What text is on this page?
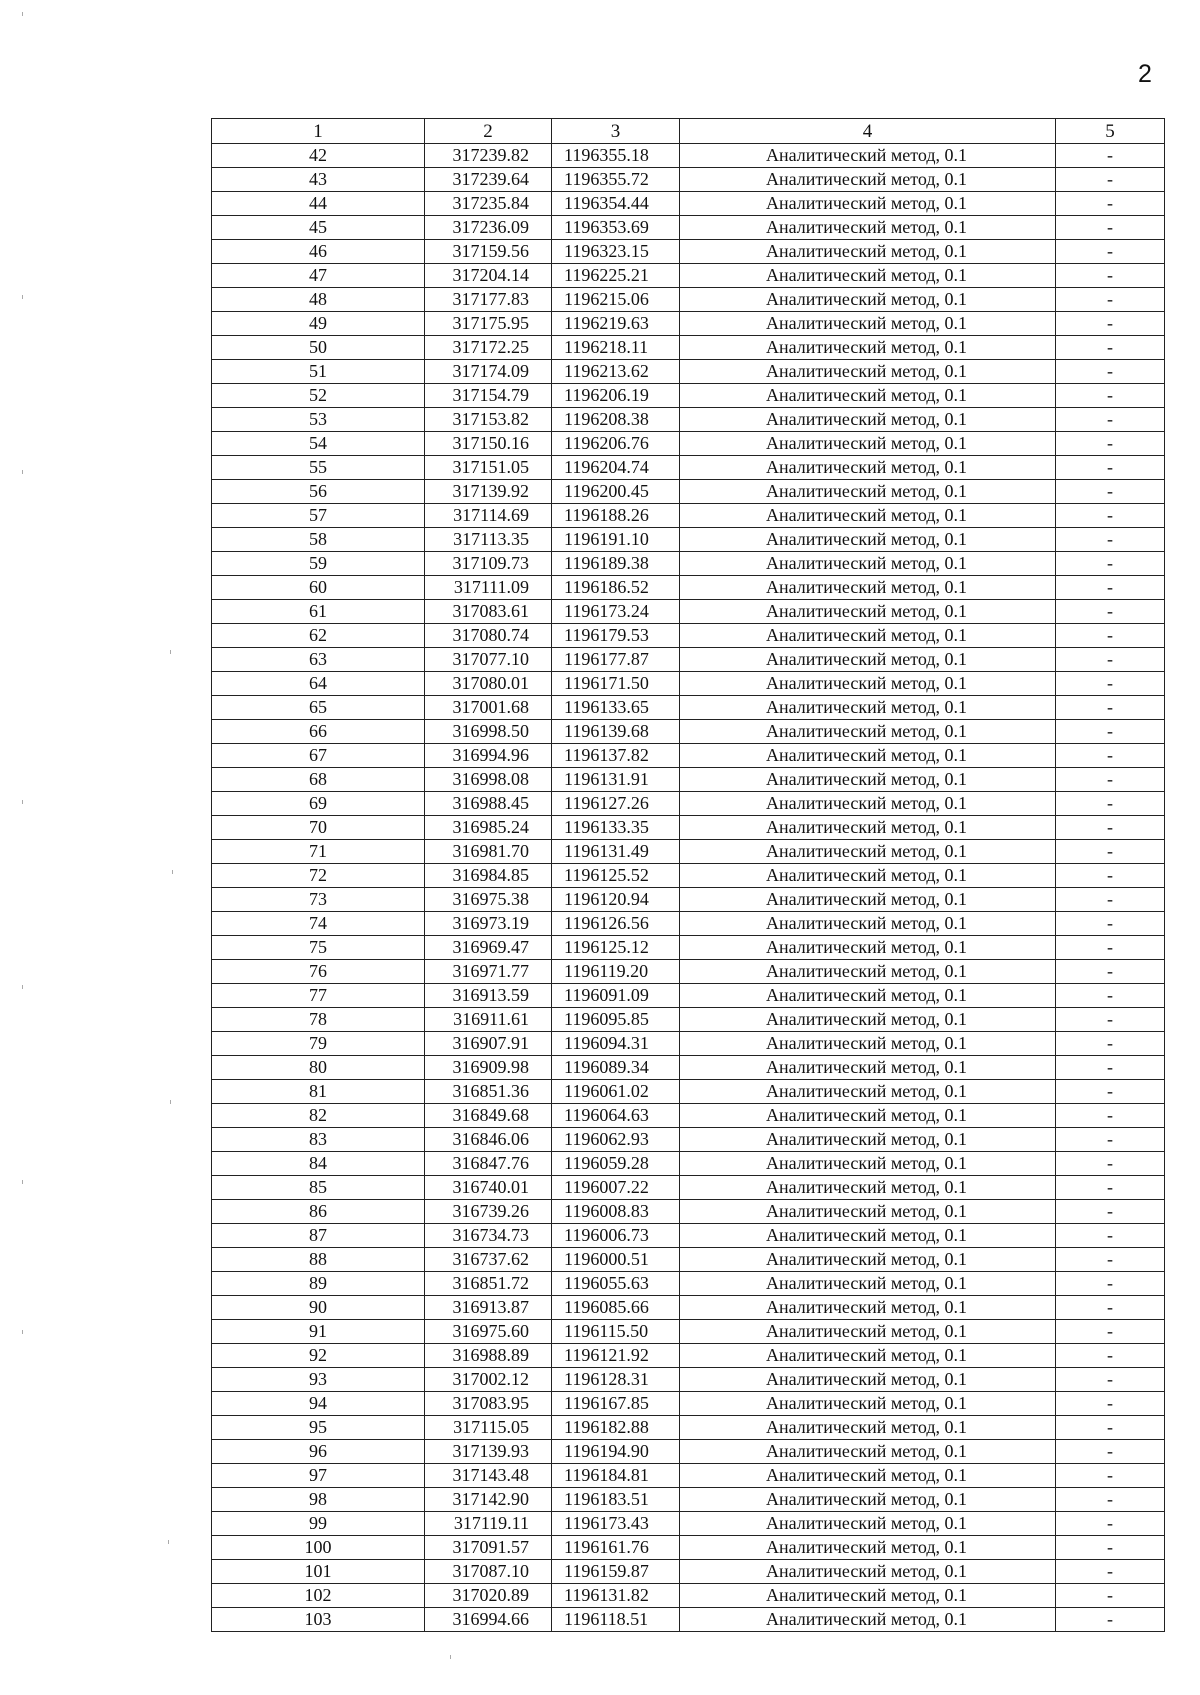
2
1	2	3	4	5
42	317239.82	1196355.18	Аналитический метод, 0.1	-
43	317239.64	1196355.72	Аналитический метод, 0.1	-
44	317235.84	1196354.44	Аналитический метод, 0.1	-
45	317236.09	1196353.69	Аналитический метод, 0.1	-
46	317159.56	1196323.15	Аналитический метод, 0.1	-
47	317204.14	1196225.21	Аналитический метод, 0.1	-
48	317177.83	1196215.06	Аналитический метод, 0.1	-
49	317175.95	1196219.63	Аналитический метод, 0.1	-
50	317172.25	1196218.11	Аналитический метод, 0.1	-
51	317174.09	1196213.62	Аналитический метод, 0.1	-
52	317154.79	1196206.19	Аналитический метод, 0.1	-
53	317153.82	1196208.38	Аналитический метод, 0.1	-
54	317150.16	1196206.76	Аналитический метод, 0.1	-
55	317151.05	1196204.74	Аналитический метод, 0.1	-
56	317139.92	1196200.45	Аналитический метод, 0.1	-
57	317114.69	1196188.26	Аналитический метод, 0.1	-
58	317113.35	1196191.10	Аналитический метод, 0.1	-
59	317109.73	1196189.38	Аналитический метод, 0.1	-
60	317111.09	1196186.52	Аналитический метод, 0.1	-
61	317083.61	1196173.24	Аналитический метод, 0.1	-
62	317080.74	1196179.53	Аналитический метод, 0.1	-
63	317077.10	1196177.87	Аналитический метод, 0.1	-
64	317080.01	1196171.50	Аналитический метод, 0.1	-
65	317001.68	1196133.65	Аналитический метод, 0.1	-
66	316998.50	1196139.68	Аналитический метод, 0.1	-
67	316994.96	1196137.82	Аналитический метод, 0.1	-
68	316998.08	1196131.91	Аналитический метод, 0.1	-
69	316988.45	1196127.26	Аналитический метод, 0.1	-
70	316985.24	1196133.35	Аналитический метод, 0.1	-
71	316981.70	1196131.49	Аналитический метод, 0.1	-
72	316984.85	1196125.52	Аналитический метод, 0.1	-
73	316975.38	1196120.94	Аналитический метод, 0.1	-
74	316973.19	1196126.56	Аналитический метод, 0.1	-
75	316969.47	1196125.12	Аналитический метод, 0.1	-
76	316971.77	1196119.20	Аналитический метод, 0.1	-
77	316913.59	1196091.09	Аналитический метод, 0.1	-
78	316911.61	1196095.85	Аналитический метод, 0.1	-
79	316907.91	1196094.31	Аналитический метод, 0.1	-
80	316909.98	1196089.34	Аналитический метод, 0.1	-
81	316851.36	1196061.02	Аналитический метод, 0.1	-
82	316849.68	1196064.63	Аналитический метод, 0.1	-
83	316846.06	1196062.93	Аналитический метод, 0.1	-
84	316847.76	1196059.28	Аналитический метод, 0.1	-
85	316740.01	1196007.22	Аналитический метод, 0.1	-
86	316739.26	1196008.83	Аналитический метод, 0.1	-
87	316734.73	1196006.73	Аналитический метод, 0.1	-
88	316737.62	1196000.51	Аналитический метод, 0.1	-
89	316851.72	1196055.63	Аналитический метод, 0.1	-
90	316913.87	1196085.66	Аналитический метод, 0.1	-
91	316975.60	1196115.50	Аналитический метод, 0.1	-
92	316988.89	1196121.92	Аналитический метод, 0.1	-
93	317002.12	1196128.31	Аналитический метод, 0.1	-
94	317083.95	1196167.85	Аналитический метод, 0.1	-
95	317115.05	1196182.88	Аналитический метод, 0.1	-
96	317139.93	1196194.90	Аналитический метод, 0.1	-
97	317143.48	1196184.81	Аналитический метод, 0.1	-
98	317142.90	1196183.51	Аналитический метод, 0.1	-
99	317119.11	1196173.43	Аналитический метод, 0.1	-
100	317091.57	1196161.76	Аналитический метод, 0.1	-
101	317087.10	1196159.87	Аналитический метод, 0.1	-
102	317020.89	1196131.82	Аналитический метод, 0.1	-
103	316994.66	1196118.51	Аналитический метод, 0.1	-
